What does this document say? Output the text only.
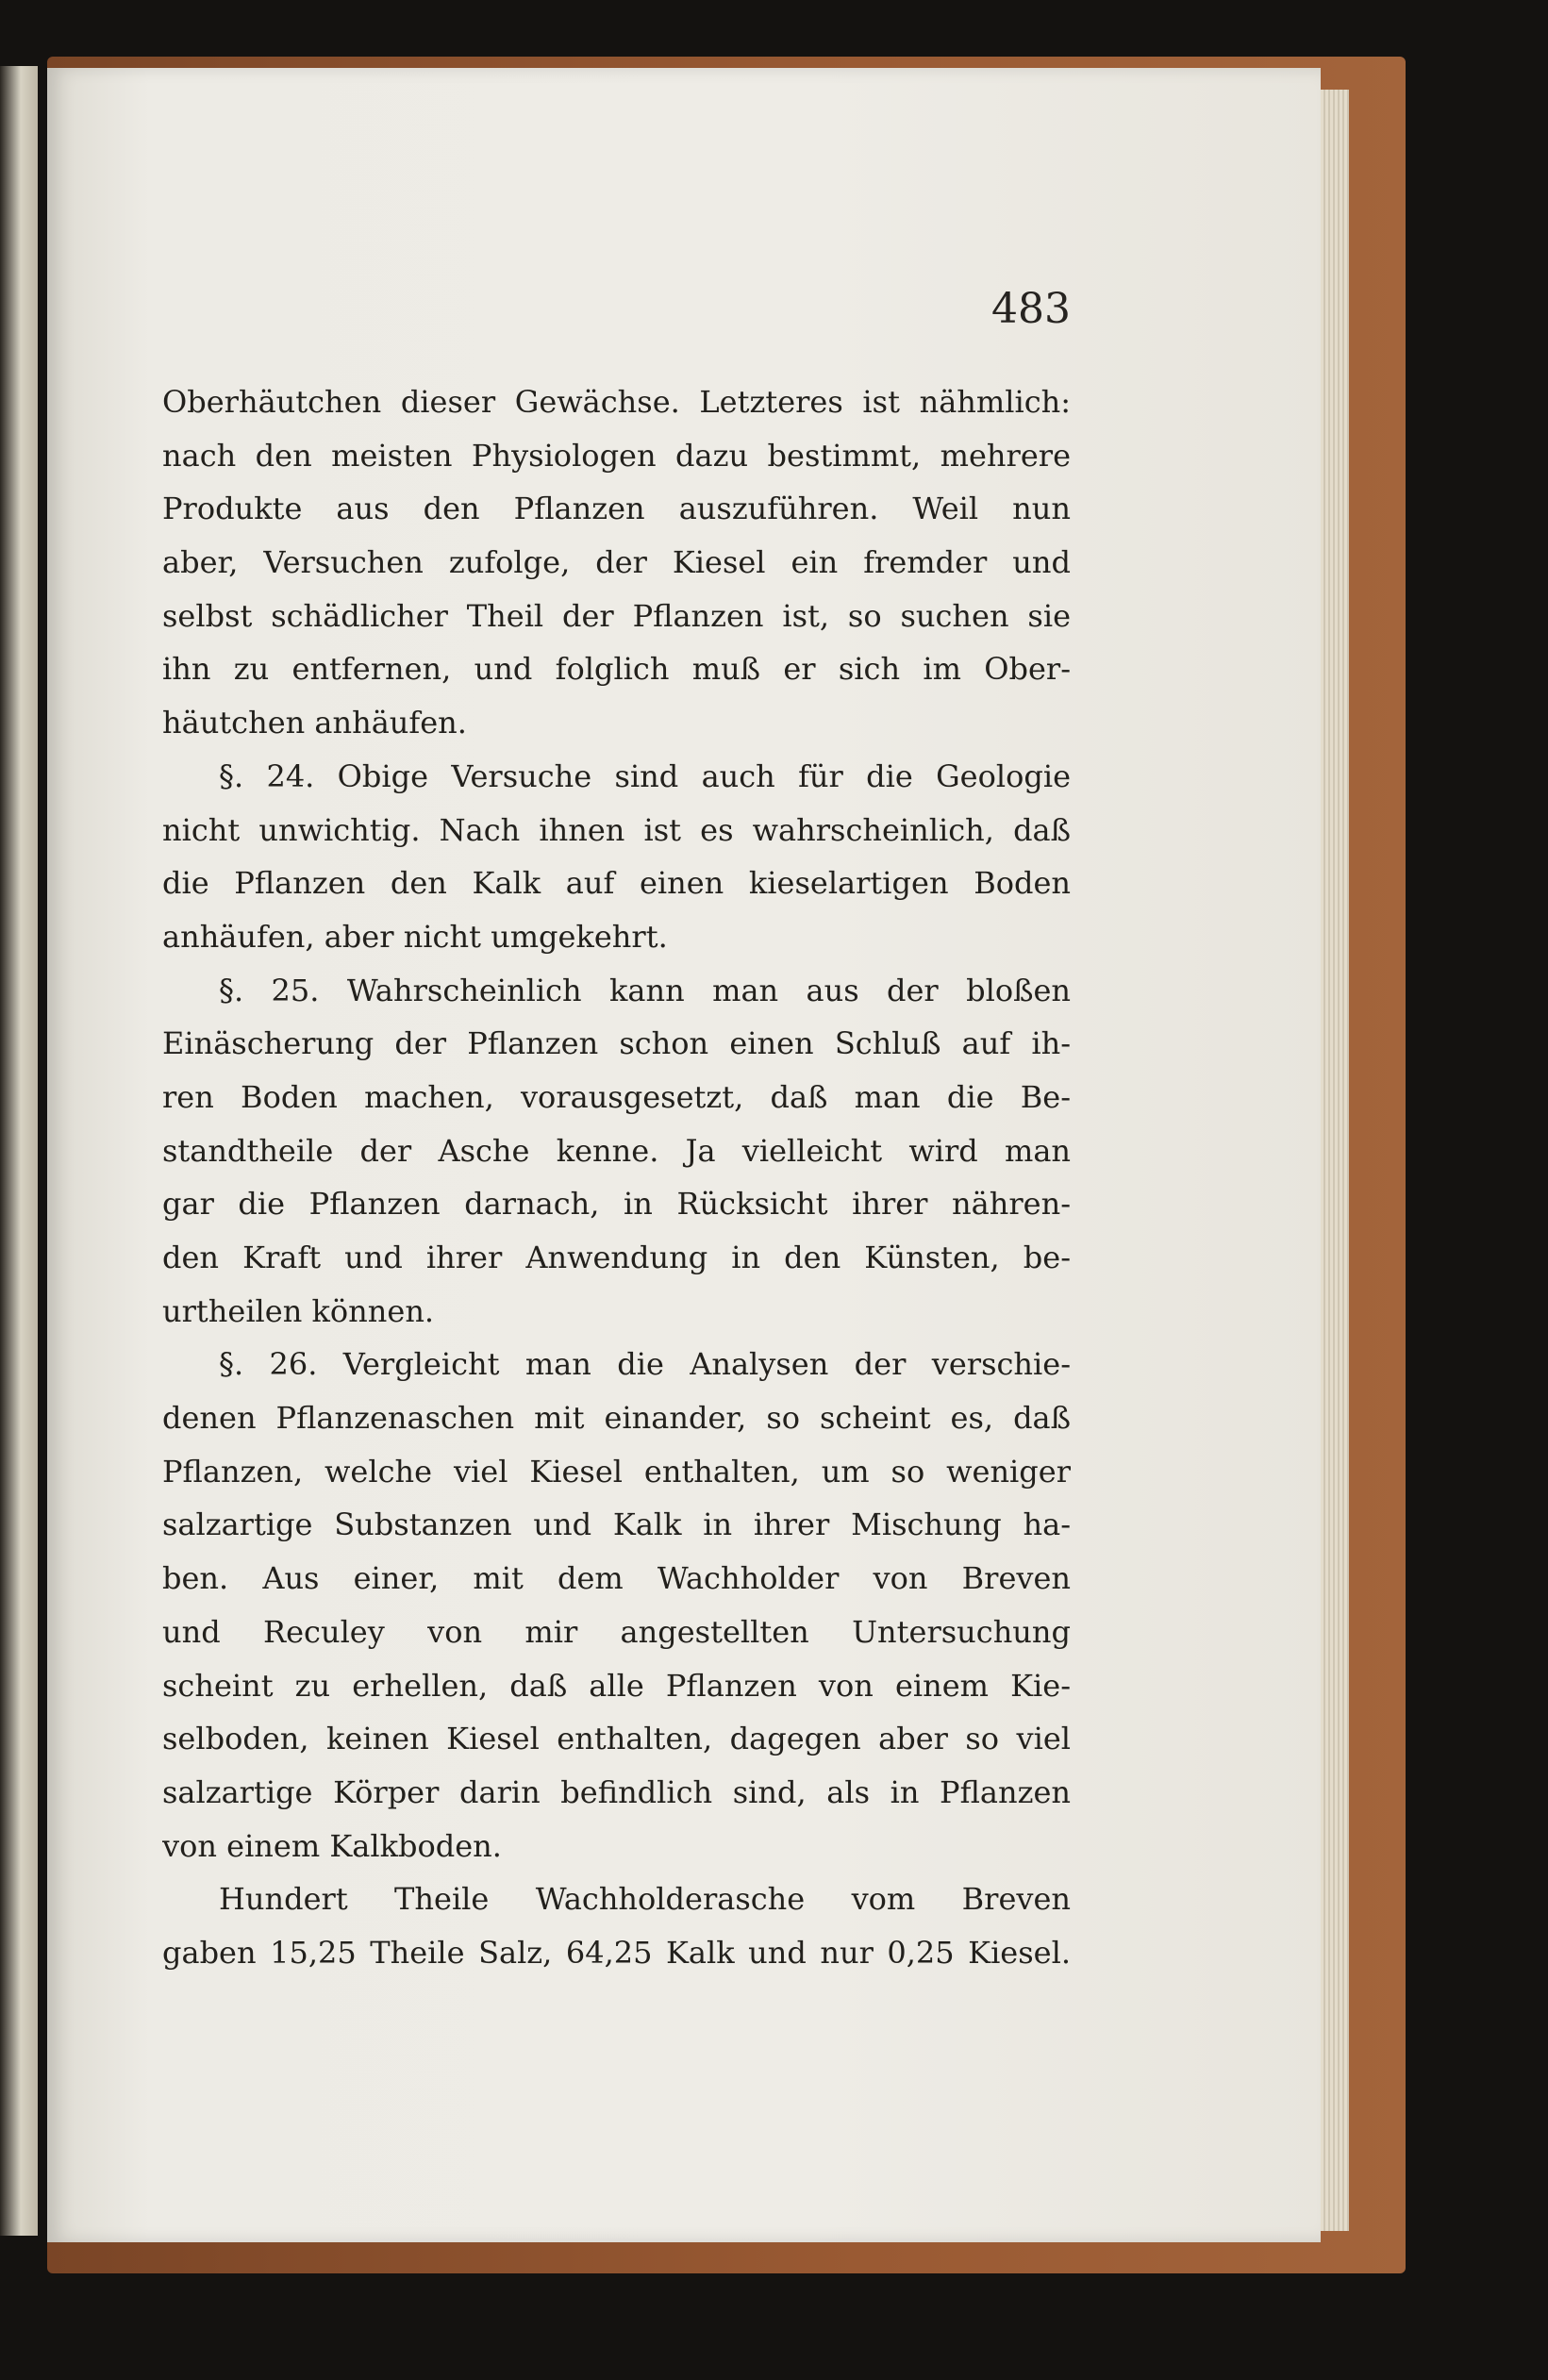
483
Oberhäutchen dieser Gewächse. Letzteres ist nähmlich:
nach den meisten Physiologen dazu bestimmt, mehrere
Produkte aus den Pflanzen auszuführen. Weil nun
aber, Versuchen zufolge, der Kiesel ein fremder und
selbst schädlicher Theil der Pflanzen ist, so suchen sie
ihn zu entfernen, und folglich muß er sich im Ober-
häutchen anhäufen.
§. 24. Obige Versuche sind auch für die Geologie
nicht unwichtig. Nach ihnen ist es wahrscheinlich, daß
die Pflanzen den Kalk auf einen kieselartigen Boden
anhäufen, aber nicht umgekehrt.
§. 25. Wahrscheinlich kann man aus der bloßen
Einäscherung der Pflanzen schon einen Schluß auf ih-
ren Boden machen, vorausgesetzt, daß man die Be-
standtheile der Asche kenne. Ja vielleicht wird man
gar die Pflanzen darnach, in Rücksicht ihrer nähren-
den Kraft und ihrer Anwendung in den Künsten, be-
urtheilen können.
§. 26. Vergleicht man die Analysen der verschie-
denen Pflanzenaschen mit einander, so scheint es, daß
Pflanzen, welche viel Kiesel enthalten, um so weniger
salzartige Substanzen und Kalk in ihrer Mischung ha-
ben. Aus einer, mit dem Wachholder von Breven
und Reculey von mir angestellten Untersuchung
scheint zu erhellen, daß alle Pflanzen von einem Kie-
selboden, keinen Kiesel enthalten, dagegen aber so viel
salzartige Körper darin befindlich sind, als in Pflanzen
von einem Kalkboden.
Hundert Theile Wachholderasche vom Breven
gaben 15,25 Theile Salz, 64,25 Kalk und nur 0,25 Kiesel.
